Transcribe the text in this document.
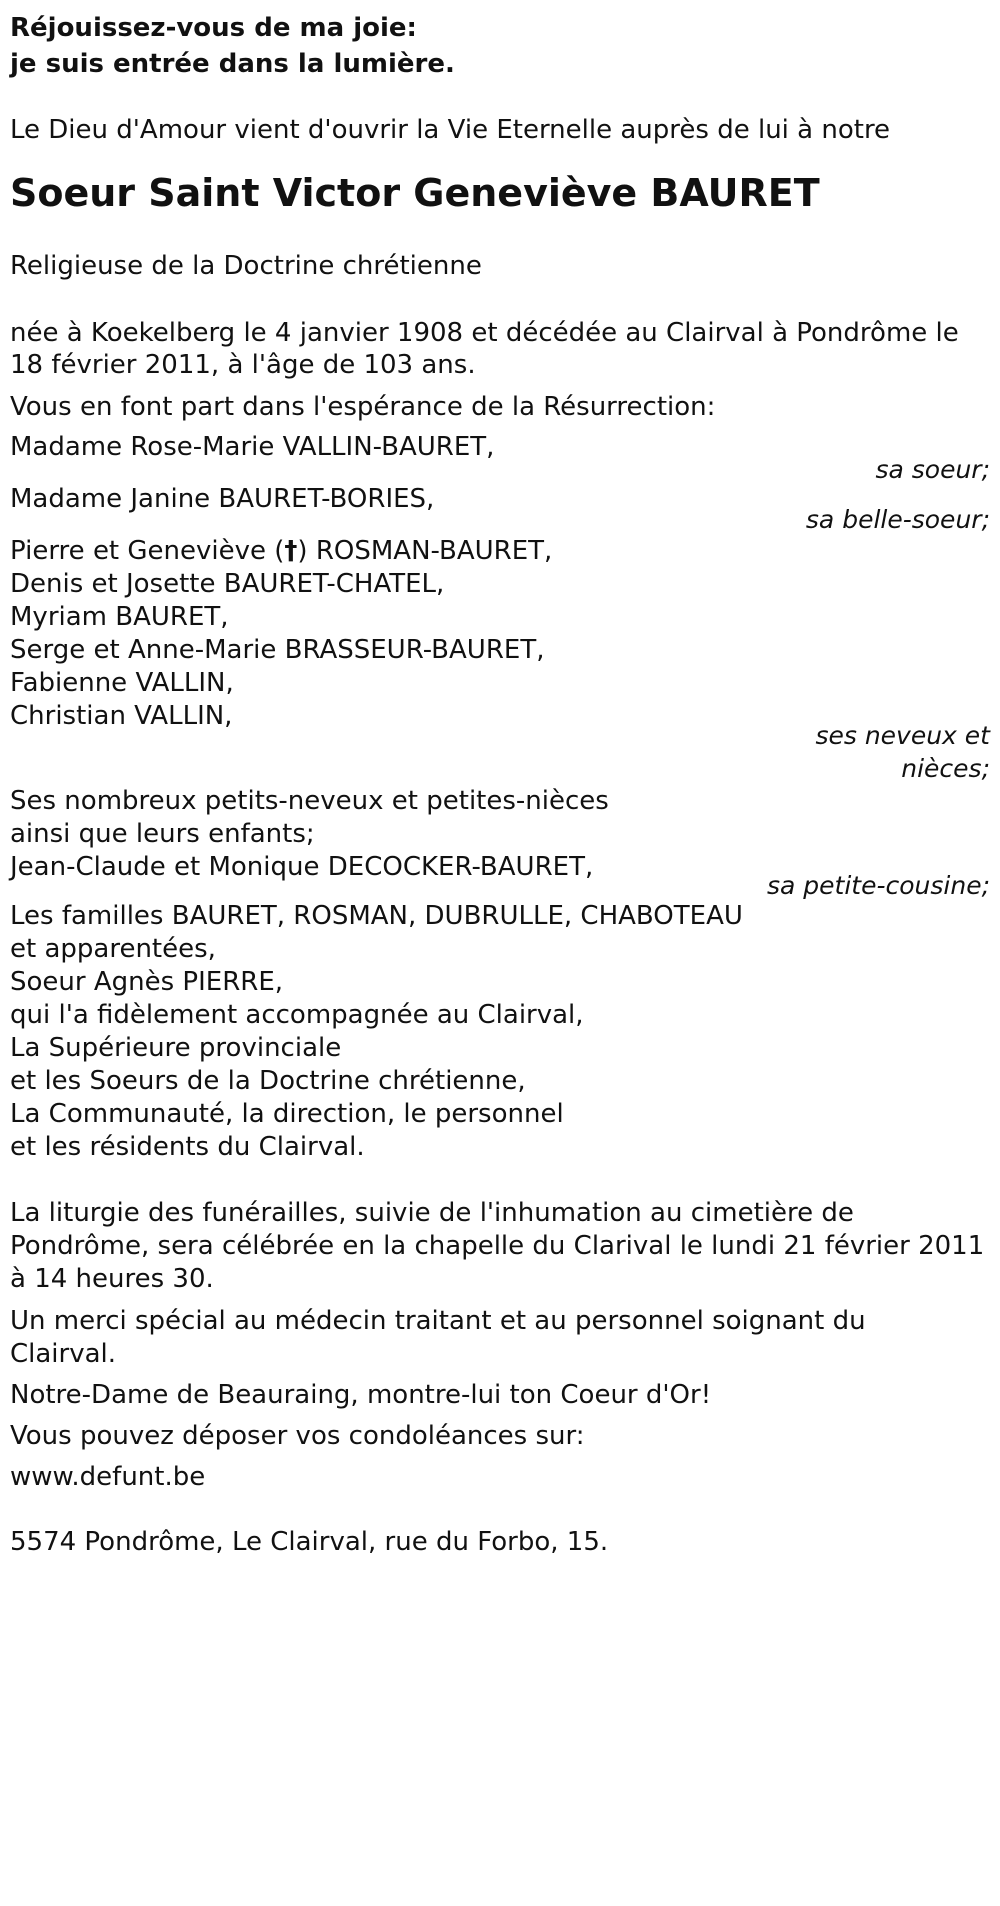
Réjouissez-vous de ma joie:
je suis entrée dans la lumière.
Le Dieu d'Amour vient d'ouvrir la Vie Eternelle auprès de lui à notre
Soeur Saint Victor Geneviève BAURET
Religieuse de la Doctrine chrétienne
née à Koekelberg le 4 janvier 1908 et décédée au Clairval à Pondrôme le
18 février 2011, à l'âge de 103 ans.
Vous en font part dans l'espérance de la Résurrection:
Madame Rose-Marie VALLIN-BAURET,
sa soeur;
Madame Janine BAURET-BORIES,
sa belle-soeur;
Pierre et Geneviève (†) ROSMAN-BAURET,
Denis et Josette BAURET-CHATEL,
Myriam BAURET,
Serge et Anne-Marie BRASSEUR-BAURET,
Fabienne VALLIN,
Christian VALLIN,
ses neveux et
nièces;
Ses nombreux petits-neveux et petites-nièces
ainsi que leurs enfants;
Jean-Claude et Monique DECOCKER-BAURET,
sa petite-cousine;
Les familles BAURET, ROSMAN, DUBRULLE, CHABOTEAU
et apparentées,
Soeur Agnès PIERRE,
qui l'a fidèlement accompagnée au Clairval,
La Supérieure provinciale
et les Soeurs de la Doctrine chrétienne,
La Communauté, la direction, le personnel
et les résidents du Clairval.
La liturgie des funérailles, suivie de l'inhumation au cimetière de
Pondrôme, sera célébrée en la chapelle du Clarival le lundi 21 février 2011
à 14 heures 30.
Un merci spécial au médecin traitant et au personnel soignant du
Clairval.
Notre-Dame de Beauraing, montre-lui ton Coeur d'Or!
Vous pouvez déposer vos condoléances sur:
www.defunt.be
5574 Pondrôme, Le Clairval, rue du Forbo, 15.
